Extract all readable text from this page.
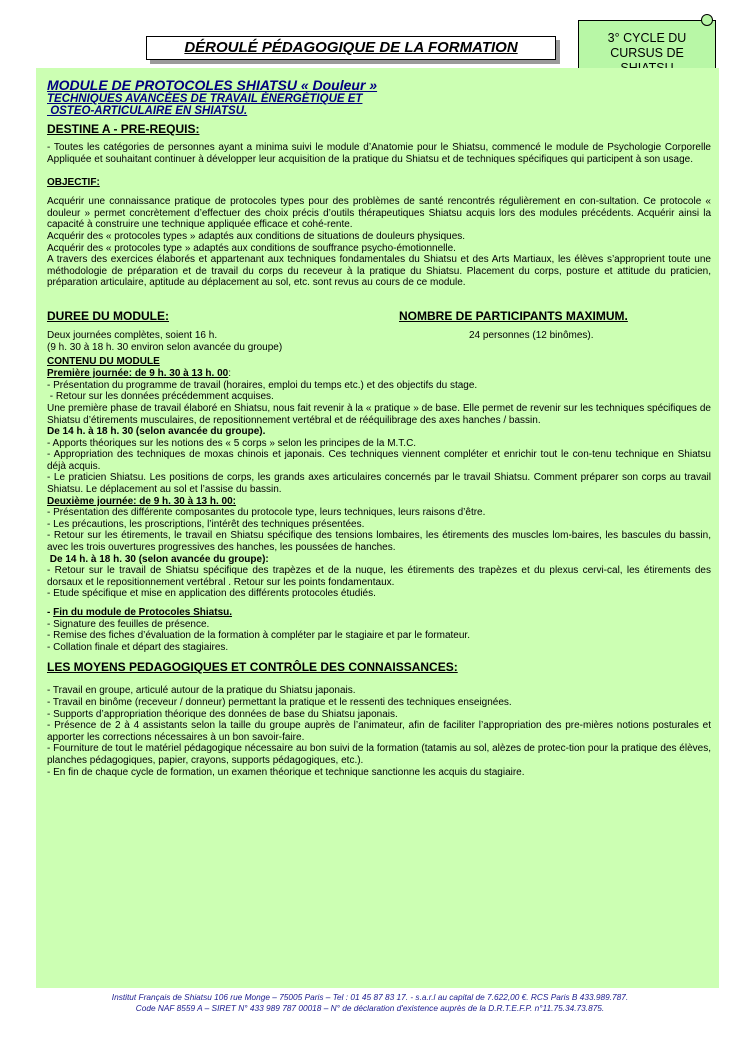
DÉROULÉ PÉDAGOGIQUE DE LA FORMATION
3° CYCLE DU
CURSUS DE
MODULE DE PROTOCOLES SHIATSU « Douleur »
TECHNIQUES AVANCÉES DE TRAVAIL ÉNERGÉTIQUE ET
OSTEO-ARTICULAIRE EN SHIATSU.
DESTINE A - PRE-REQUIS:

- Toutes les catégories de personnes ayant a minima suivi le module d’Anatomie pour le Shiatsu, commencé le module de Psychologie Corporelle Appliquée et souhaitant continuer à développer leur acquisition de la pratique du Shiatsu et de techniques spécifiques qui participent à son usage.

OBJECTIF:

Acquérir une connaissance pratique de protocoles types pour des problèmes de santé rencontrés régulièrement en con-sultation. Ce protocole « douleur » permet concrètement d’effectuer des choix précis d’outils thérapeutiques Shiatsu acquis lors des modules précédents. Acquérir ainsi la capacité à construire une technique appliquée efficace et cohé-rente.

Acquérir des « protocoles types » adaptés aux conditions de situations de douleurs physiques.

Acquérir des « protocoles type » adaptés aux conditions de souffrance psycho-émotionnelle.

A travers des exercices élaborés et appartenant aux techniques fondamentales du Shiatsu et des Arts Martiaux, les élèves s’approprient toute une méthodologie de préparation et de travail du corps du receveur à la pratique du Shiatsu. Placement du corps, posture et attitude du praticien, préparation articulaire, aptitude au déplacement au sol, etc. sont revus au cours de ce module.

DUREE DU MODULE:
Deux journées complètes, soient 16 h.
(9 h. 30 à 18 h. 30 environ selon avancée du groupe)
NOMBRE DE PARTICIPANTS MAXIMUM.
24 personnes (12 binômes).
CONTENU DU MODULE
Première journée: de 9 h. 30 à 13 h. 00:

- Présentation du programme de travail (horaires, emploi du temps etc.) et des objectifs du stage.

- Retour sur les données précédemment acquises.

Une première phase de travail élaboré en Shiatsu, nous fait revenir à la « pratique » de base. Elle permet de revenir sur les techniques spécifiques de Shiatsu d’étirements musculaires, de repositionnement vertébral et de rééquilibrage des axes hanches / bassin.

De 14 h. à 18 h. 30 (selon avancée du groupe).

- Apports théoriques sur les notions des « 5 corps » selon les principes de la M.T.C.

- Appropriation des techniques de moxas chinois et japonais. Ces techniques viennent compléter et enrichir tout le con-tenu technique en Shiatsu déjà acquis.

- Le praticien Shiatsu. Les positions de corps, les grands axes articulaires concernés par le travail Shiatsu. Comment préparer son corps au travail Shiatsu. Le déplacement au sol et l’assise du bassin.

Deuxième journée: de 9 h. 30 à 13 h. 00:

- Présentation des différente composantes du protocole type, leurs techniques, leurs raisons d’être.

- Les précautions, les proscriptions, l’intérêt des techniques présentées.

- Retour sur les étirements, le travail en Shiatsu spécifique des tensions lombaires, les étirements des muscles lom-baires, les bascules du bassin, avec les trois ouvertures progressives des hanches, les poussées de hanches.

De 14 h. à 18 h. 30 (selon avancée du groupe):

- Retour sur le travail de Shiatsu spécifique des trapèzes et de la nuque, les étirements des trapèzes et du plexus cervi-cal, les étirements des dorsaux et le repositionnement vertébral . Retour sur les points fondamentaux.

- Etude spécifique et mise en application des différents protocoles étudiés.

- Fin du module de Protocoles Shiatsu.

- Signature des feuilles de présence.

- Remise des fiches d’évaluation de la formation à compléter par le stagiaire et par le formateur.

- Collation finale et départ des stagiaires.

LES MOYENS PEDAGOGIQUES ET CONTRÔLE DES CONNAISSANCES:

- Travail en groupe, articulé autour de la pratique du Shiatsu japonais.

- Travail en binôme (receveur / donneur) permettant la pratique et le ressenti des techniques enseignées.

- Supports d’appropriation théorique des données de base du Shiatsu japonais.

- Présence de 2 à 4 assistants selon la taille du groupe auprès de l’animateur, afin de faciliter l’appropriation des pre-mières notions posturales et apporter les corrections nécessaires à un bon savoir-faire.

- Fourniture de tout le matériel pédagogique nécessaire au bon suivi de la formation (tatamis au sol, alèzes de protec-tion pour la pratique des élèves, planches pédagogiques, papier, crayons, supports pédagogiques, etc.).

- En fin de chaque cycle de formation, un examen théorique et technique sanctionne les acquis du stagiaire.

Institut Français de Shiatsu 106 rue Monge – 75005 Paris – Tel : 01 45 87 83 17. - s.a.r.l au capital de 7.622,00 €. RCS Paris B 433.989.787.
Code NAF 8559 A – SIRET N° 433 989 787 00018 – N° de déclaration d'existence auprès de la D.R.T.E.F.P. n°11.75.34.73.875.
